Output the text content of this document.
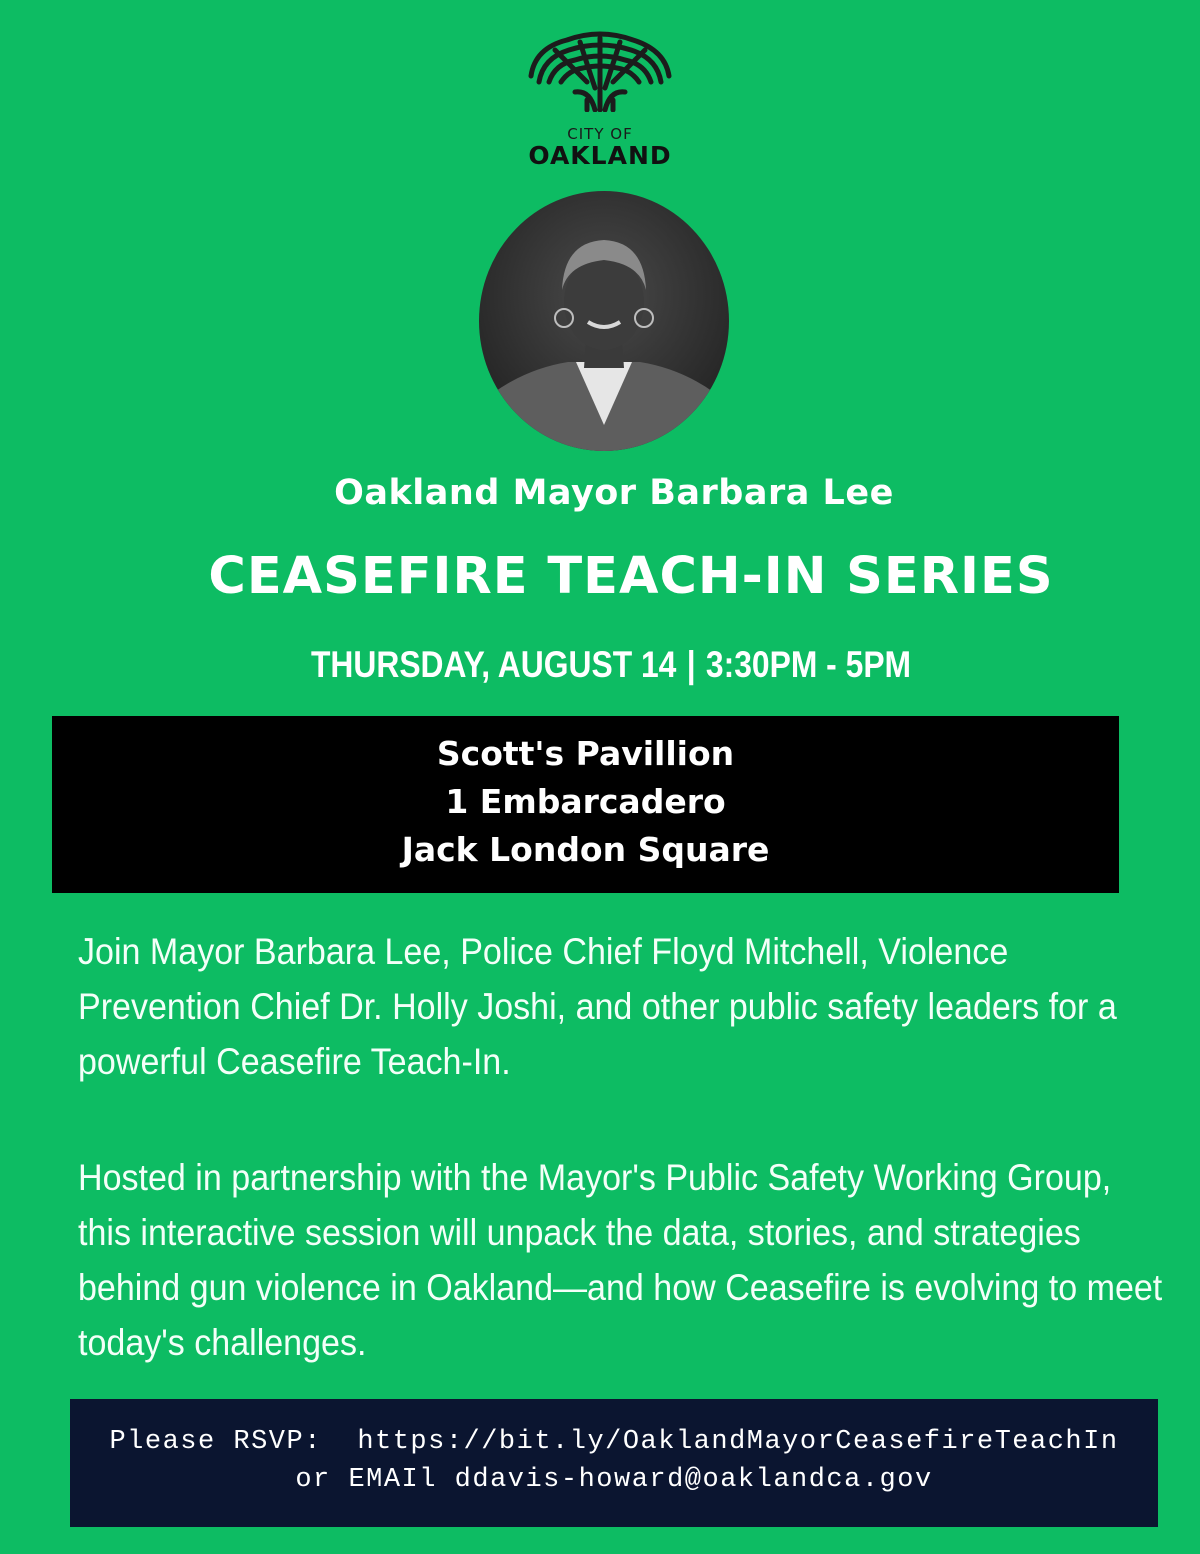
CITY OF
OAKLAND
Oakland Mayor Barbara Lee
CEASEFIRE TEACH-IN SERIES
THURSDAY, AUGUST 14 | 3:30PM - 5PM
Scott's Pavillion
1 Embarcadero
Jack London Square
Join Mayor Barbara Lee, Police Chief Floyd Mitchell, Violence Prevention Chief Dr. Holly Joshi, and other public safety leaders for a powerful Ceasefire Teach-In.
Hosted in partnership with the Mayor's Public Safety Working Group, this interactive session will unpack the data, stories, and strategies behind gun violence in Oakland—and how Ceasefire is evolving to meet today's challenges.
Please RSVP: https://bit.ly/OaklandMayorCeasefireTeachIn
or EMAIl ddavis-howard@oaklandca.gov
